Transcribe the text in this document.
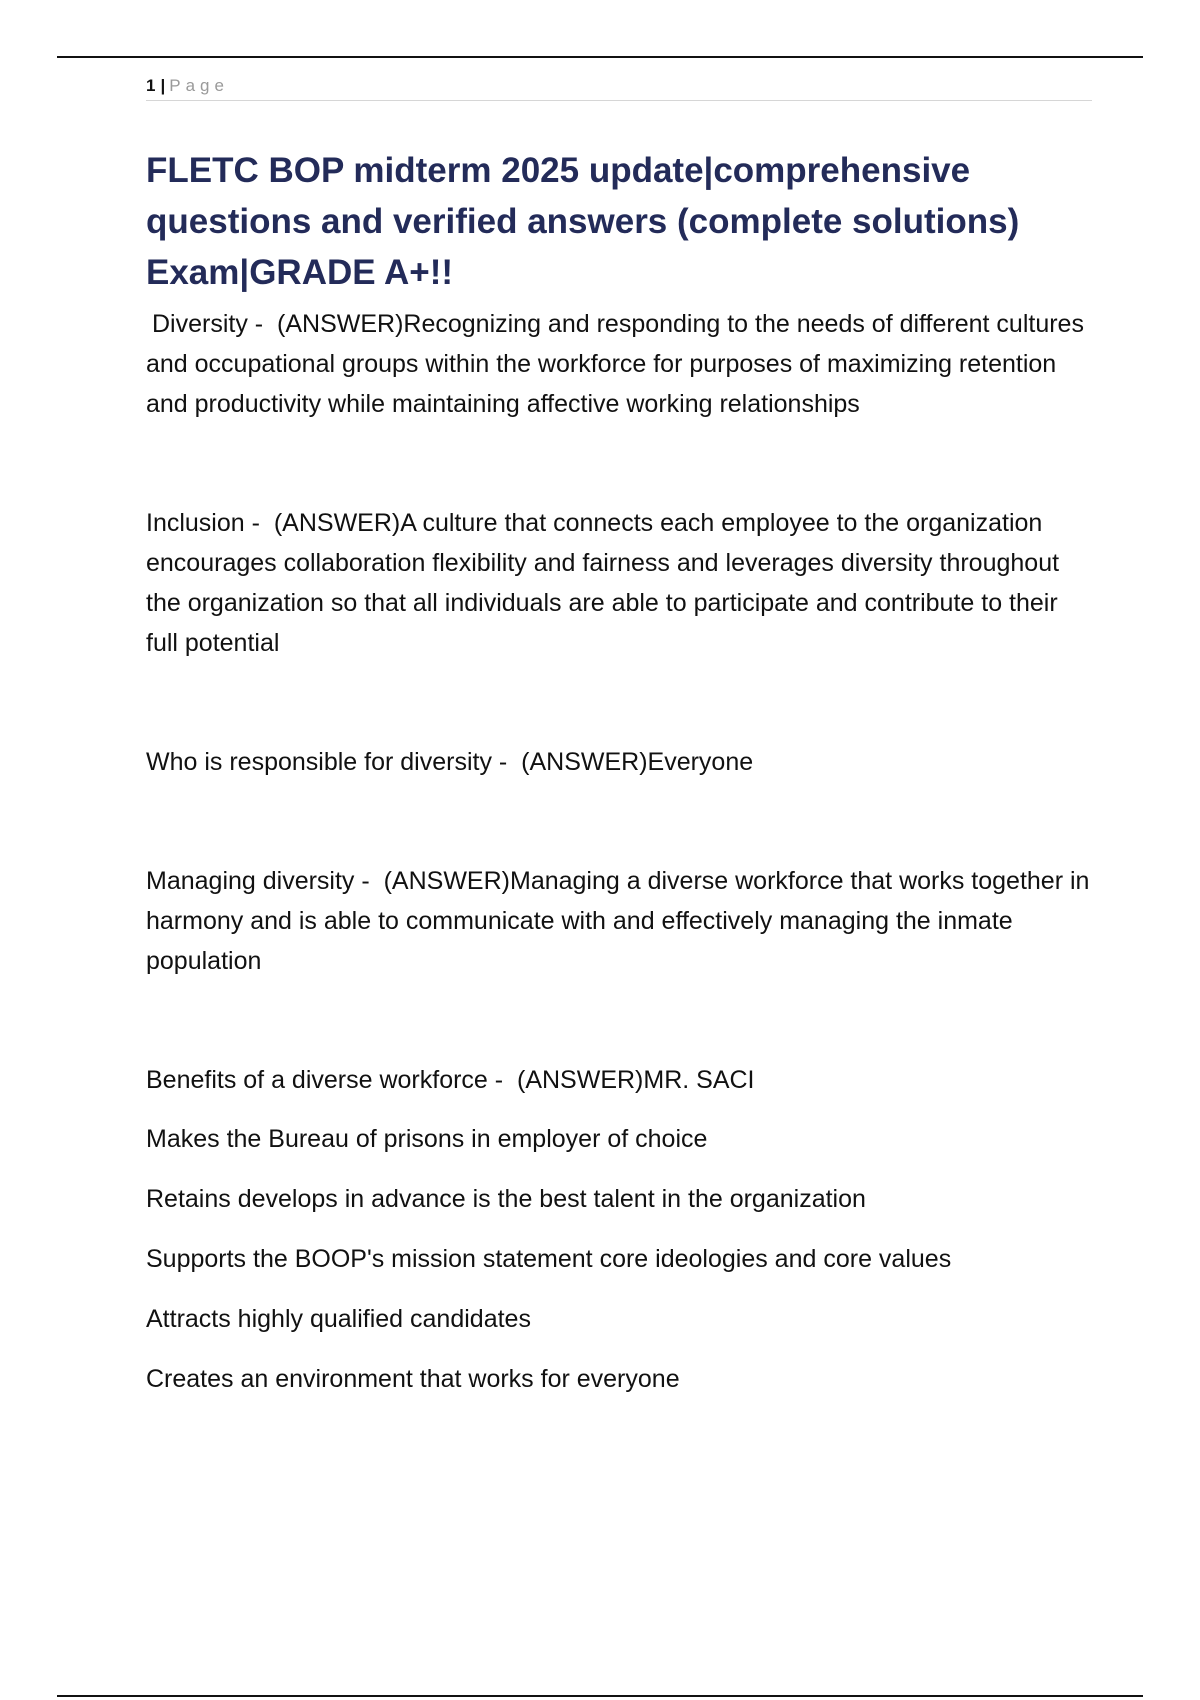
1 | Page
FLETC BOP midterm 2025 update|comprehensive questions and verified answers (complete solutions) Exam|GRADE A+!!

Diversity -  (ANSWER)Recognizing and responding to the needs of different cultures and occupational groups within the workforce for purposes of maximizing retention and productivity while maintaining affective working relationships

Inclusion -  (ANSWER)A culture that connects each employee to the organization encourages collaboration flexibility and fairness and leverages diversity throughout the organization so that all individuals are able to participate and contribute to their full potential

Who is responsible for diversity -  (ANSWER)Everyone

Managing diversity -  (ANSWER)Managing a diverse workforce that works together in harmony and is able to communicate with and effectively managing the inmate population

Benefits of a diverse workforce -  (ANSWER)MR. SACI

Makes the Bureau of prisons in employer of choice
Retains develops in advance is the best talent in the organization
Supports the BOOP's mission statement core ideologies and core values
Attracts highly qualified candidates
Creates an environment that works for everyone
